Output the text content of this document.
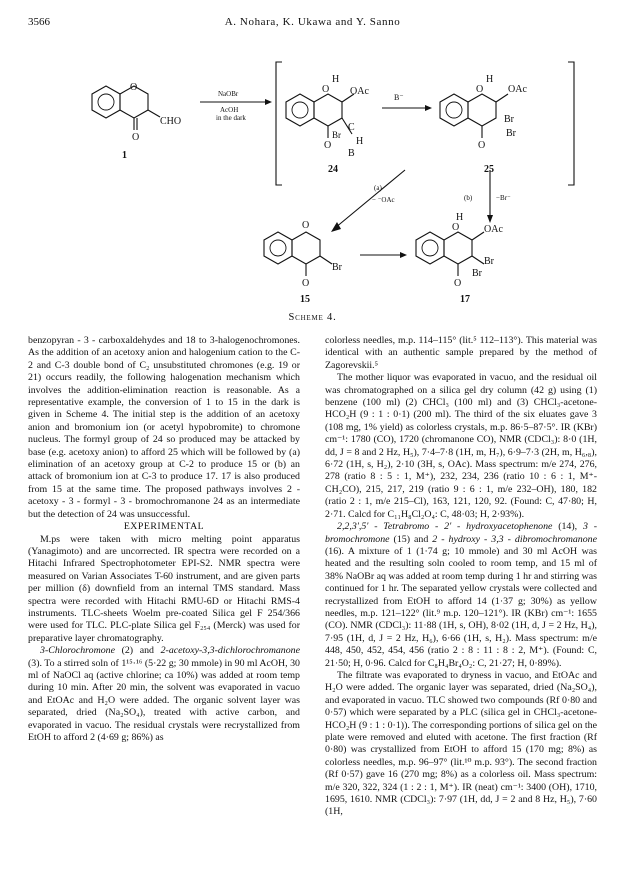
3566	A. Nohara, K. Ukawa and Y. Sanno
O
CHO
O
NaOBr
AcOH
in the dark
H
O OAc
Br
C
H
O
B
B⁻
H
O OAc
Br
Br
O
24	25
(a)
− ⁻OAc	(b)	−Br⁻
1
O
Br
O
15
H
O OAc
Br
Br
O
17
Scheme 4.

benzopyran - 3 - carboxaldehydes and 18 to 3-halogenochromones. As the addition of an acetoxy anion and halogenium cation to the C-2 and C-3 double bond of C₂ unsubstituted chromones (e.g. 19 or 21) occurs readily, the following halogenation mechanism which involves the addition-elimination reaction is reasonable. As a representative example, the conversion of 1 to 15 in the dark is given in Scheme 4. The initial step is the addition of an acetoxy anion and bromonium ion (or acetyl hypobromite) to chromone nucleus. The formyl group of 24 so produced may be attacked by base (e.g. acetoxy anion) to afford 25 which will be followed by (a) elimination of an acetoxy group at C-2 to produce 15 or (b) an attack of bromonium ion at C-3 to produce 17. 17 is also produced from 15 at the same time. The proposed pathways involves 2 - acetoxy - 3 - formyl - 3 - bromochromanone 24 as an intermediate but the detection of 24 was unsuccessful.

EXPERIMENTAL

M.ps were taken with micro melting point apparatus (Yanagimoto) and are uncorrected. IR spectra were recorded on a Hitachi Infrared Spectrophotometer EPI-S2. NMR spectra were measured on Varian Associates T-60 instrument, and are given parts per million (δ) downfield from an internal TMS standard. Mass spectra were recorded with Hitachi RMU-6D or Hitachi RMS-4 instruments. TLC-sheets Woelm pre-coated Silica gel F 254/366 were used for TLC. PLC-plate Silica gel F₂₅₄ (Merck) was used for preparative layer chromatography.

3-Chlorochromone (2) and 2-acetoxy-3,3-dichlorochromanone (3). To a stirred soln of 1¹⁵·¹⁶ (5·22 g; 30 mmole) in 90 ml AcOH, 30 ml of NaOCl aq (active chlorine; ca 10%) was added at room temp during 10 min. After 20 min, the solvent was evaporated in vacuo and EtOAc and H₂O were added. The organic solvent layer was separated, dried (Na₂SO₄), treated with active carbon, and evaporated in vacuo. The residual crystals were recrystallized from EtOH to afford 2 (4·69 g; 86%) as

colorless needles, m.p. 114–115° (lit.⁵ 112–113°). This material was identical with an authentic sample prepared by the method of Zagorevskii.⁵

The mother liquor was evaporated in vacuo, and the residual oil was chromatographed on a silica gel dry column (42 g) using (1) benzene (100 ml) (2) CHCl₃ (100 ml) and (3) CHCl₃-acetone-HCO₂H (9 : 1 : 0·1) (200 ml). The third of the six eluates gave 3 (108 mg, 1% yield) as colorless crystals, m.p. 86·5–87·5°. IR (KBr) cm⁻¹: 1780 (CO), 1720 (chromanone CO), NMR (CDCl₃): 8·0 (1H, dd, J = 8 and 2 Hz, H₅), 7·4–7·8 (1H, m, H₇), 6·9–7·3 (2H, m, H₆,₈), 6·72 (1H, s, H₂), 2·10 (3H, s, OAc). Mass spectrum: m/e 274, 276, 278 (ratio 8 : 5 : 1, M⁺), 232, 234, 236 (ratio 10 : 6 : 1, M⁺-CH₂CO), 215, 217, 219 (ratio 9 : 6 : 1, m/e 232–OH), 180, 182 (ratio 2 : 1, m/e 215–Cl), 163, 121, 120, 92. (Found: C, 47·80; H, 2·71. Calcd for C₁₁H₈Cl₂O₄: C, 48·03; H, 2·93%).

2,2,3',5' - Tetrabromo - 2' - hydroxyacetophenone (14), 3 - bromochromone (15) and 2 - hydroxy - 3,3 - dibromochromanone (16). A mixture of 1 (1·74 g; 10 mmole) and 30 ml AcOH was heated and the resulting soln cooled to room temp, and 15 ml of 38% NaOBr aq was added at room temp during 1 hr and stirring was continued for 1 hr. The separated yellow crystals were collected and recrystallized from EtOH to afford 14 (1·37 g; 30%) as yellow needles, m.p. 121–122° (lit.⁹ m.p. 120–121°). IR (KBr) cm⁻¹: 1655 (CO). NMR (CDCl₃): 11·88 (1H, s, OH), 8·02 (1H, d, J = 2 Hz, H₄), 7·95 (1H, d, J = 2 Hz, H₆), 6·66 (1H, s, H₂). Mass spectrum: m/e 448, 450, 452, 454, 456 (ratio 2 : 8 : 11 : 8 : 2, M⁺). (Found: C, 21·50; H, 0·96. Calcd for C₈H₄Br₄O₂: C, 21·27; H, 0·89%).

The filtrate was evaporated to dryness in vacuo, and EtOAc and H₂O were added. The organic layer was separated, dried (Na₂SO₄), and evaporated in vacuo. TLC showed two compounds (Rf 0·80 and 0·57) which were separated by a PLC (silica gel in CHCl₃-acetone-HCO₂H (9 : 1 : 0·1)). The corresponding portions of silica gel on the plate were removed and eluted with acetone. The first fraction (Rf 0·80) was crystallized from EtOH to afford 15 (170 mg; 8%) as colorless needles, m.p. 96–97° (lit.¹⁰ m.p. 93°). The second fraction (Rf 0·57) gave 16 (270 mg; 8%) as a colorless oil. Mass spectrum: m/e 320, 322, 324 (1 : 2 : 1, M⁺). IR (neat) cm⁻¹: 3400 (OH), 1710, 1695, 1610. NMR (CDCl₃): 7·97 (1H, dd, J = 2 and 8 Hz, H₅), 7·60 (1H,
